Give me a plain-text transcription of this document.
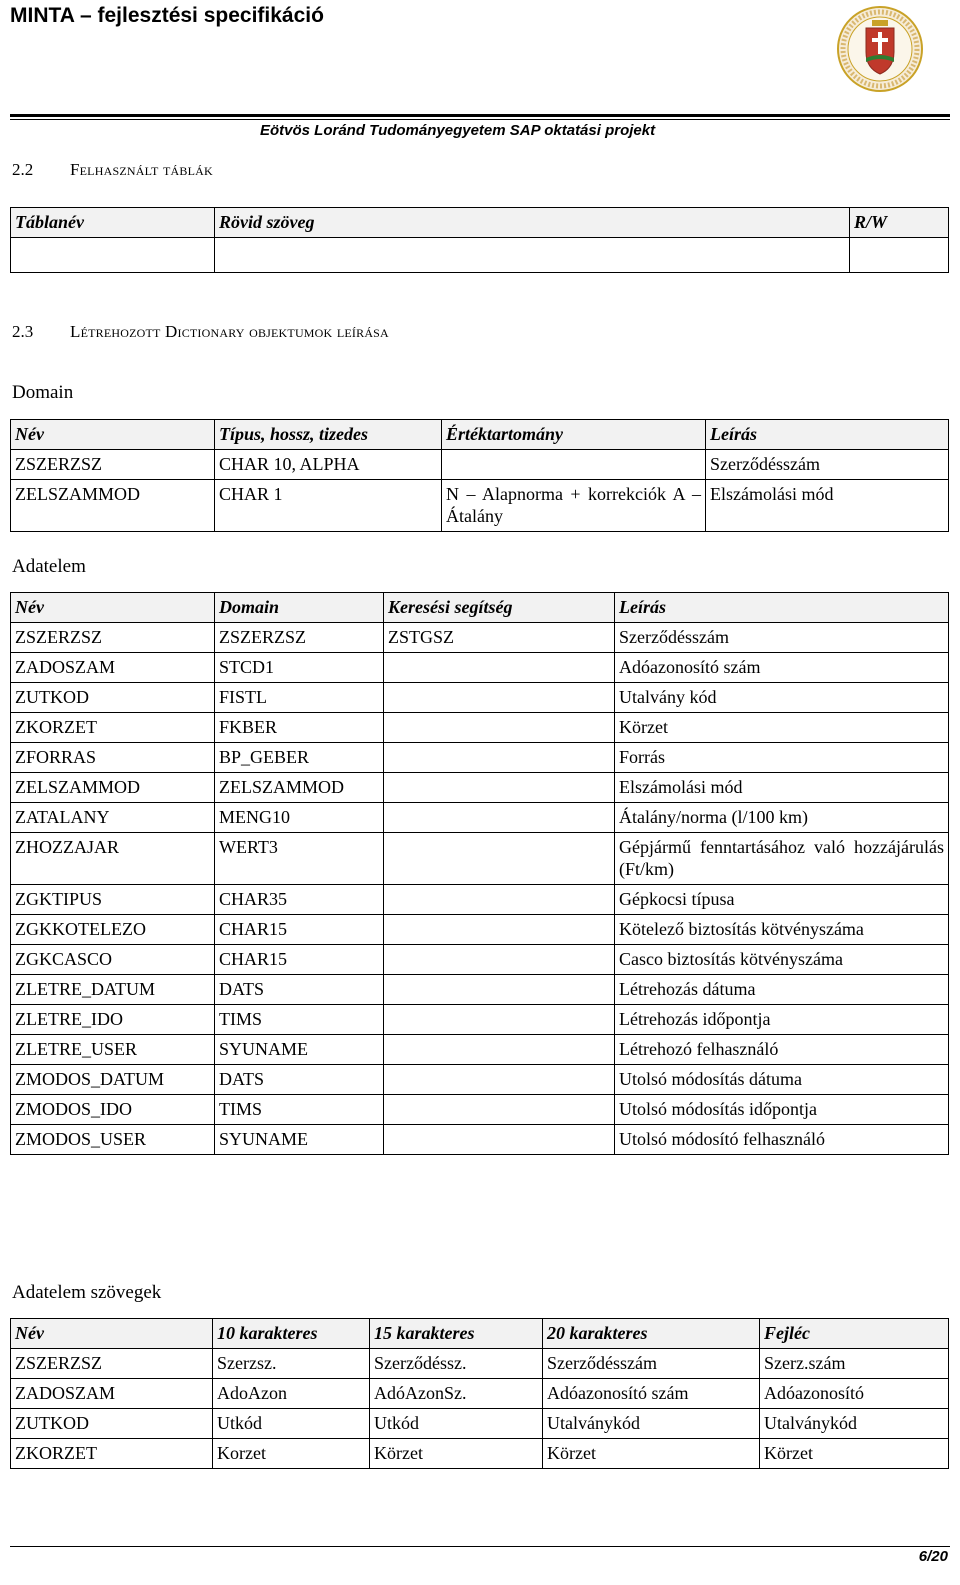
MINTA – fejlesztési specifikáció
Eötvös Loránd Tudományegyetem SAP oktatási projekt
2.2 Felhasznált táblák
Táblanév	Rövid szöveg	R/W

2.3 Létrehozott Dictionary objektumok leírása
Domain
Név	Típus, hossz, tizedes	Értéktartomány	Leírás
ZSZERZSZ	CHAR 10, ALPHA		Szerződésszám
ZELSZAMMOD	CHAR 1	N – Alapnorma + korrekciók A – Átalány	Elszámolási mód
Adatelem
Név	Domain	Keresési segítség	Leírás
ZSZERZSZ	ZSZERZSZ	ZSTGSZ	Szerződésszám
ZADOSZAM	STCD1		Adóazonosító szám
ZUTKOD	FISTL		Utalvány kód
ZKORZET	FKBER		Körzet
ZFORRAS	BP_GEBER		Forrás
ZELSZAMMOD	ZELSZAMMOD		Elszámolási mód
ZATALANY	MENG10		Átalány/norma (l/100 km)
ZHOZZAJAR	WERT3		Gépjármű fenntartásához való hozzájárulás (Ft/km)
ZGKTIPUS	CHAR35		Gépkocsi típusa
ZGKKOTELEZO	CHAR15		Kötelező biztosítás kötvényszáma
ZGKCASCO	CHAR15		Casco biztosítás kötvényszáma
ZLETRE_DATUM	DATS		Létrehozás dátuma
ZLETRE_IDO	TIMS		Létrehozás időpontja
ZLETRE_USER	SYUNAME		Létrehozó felhasználó
ZMODOS_DATUM	DATS		Utolsó módosítás dátuma
ZMODOS_IDO	TIMS		Utolsó módosítás időpontja
ZMODOS_USER	SYUNAME		Utolsó módosító felhasználó
Adatelem szövegek
Név	10 karakteres	15 karakteres	20 karakteres	Fejléc
ZSZERZSZ	Szerzsz.	Szerződéssz.	Szerződésszám	Szerz.szám
ZADOSZAM	AdoAzon	AdóAzonSz.	Adóazonosító szám	Adóazonosító
ZUTKOD	Utkód	Utkód	Utalványkód	Utalványkód
ZKORZET	Korzet	Körzet	Körzet	Körzet
6/20
